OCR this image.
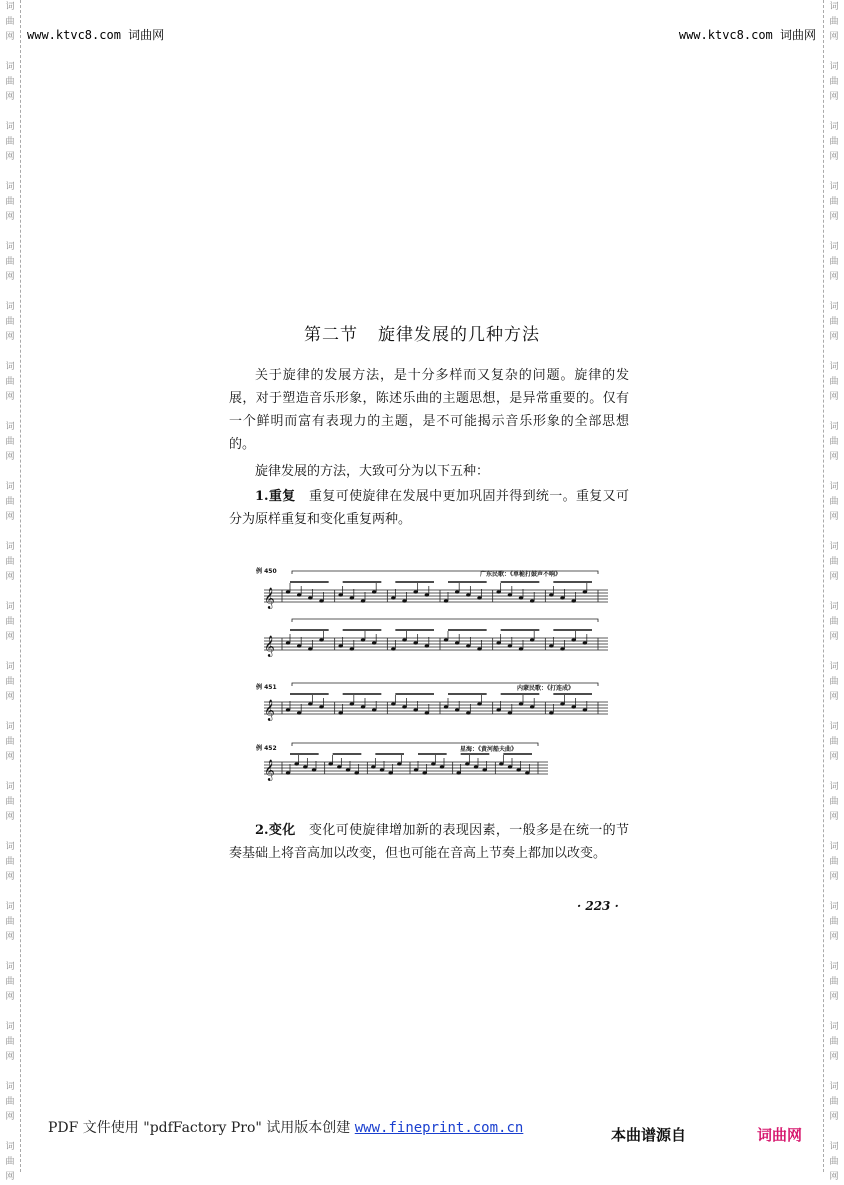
词曲网
词曲网
词曲网
词曲网
词曲网
词曲网
词曲网
词曲网
词曲网
词曲网
词曲网
词曲网
词曲网
词曲网
词曲网
词曲网
词曲网
词曲网
词曲网
词曲网
词曲网
词曲网
词曲网
词曲网
词曲网
词曲网
词曲网
词曲网
词曲网
词曲网
词曲网
词曲网
词曲网
词曲网
词曲网
词曲网
词曲网
词曲网
词曲网
词曲网
www.ktvc8.com 词曲网	www.ktvc8.com 词曲网
第二节 旋律发展的几种方法
关于旋律的发展方法，是十分多样而又复杂的问题。旋律的发展，对于塑造音乐形象，陈述乐曲的主题思想，是异常重要的。仅有一个鲜明而富有表现力的主题，是不可能揭示音乐形象的全部思想的。
旋律发展的方法，大致可分为以下五种：
1.重复 重复可使旋律在发展中更加巩固并得到统一。重复又可分为原样重复和变化重复两种。
例 450	广东民歌：《单桅打鼓声不响》
例 451	内蒙民歌：《打连成》
例 452	星海：《黄河船夫曲》
𝄞
𝄞
𝄞
𝄞
2.变化 变化可使旋律增加新的表现因素，一般多是在统一的节奏基础上将音高加以改变，但也可能在音高上节奏上都加以改变。
· 223 ·
PDF 文件使用 "pdfFactory Pro" 试用版本创建 www.fineprint.com.cn	本曲谱源自	词曲网
